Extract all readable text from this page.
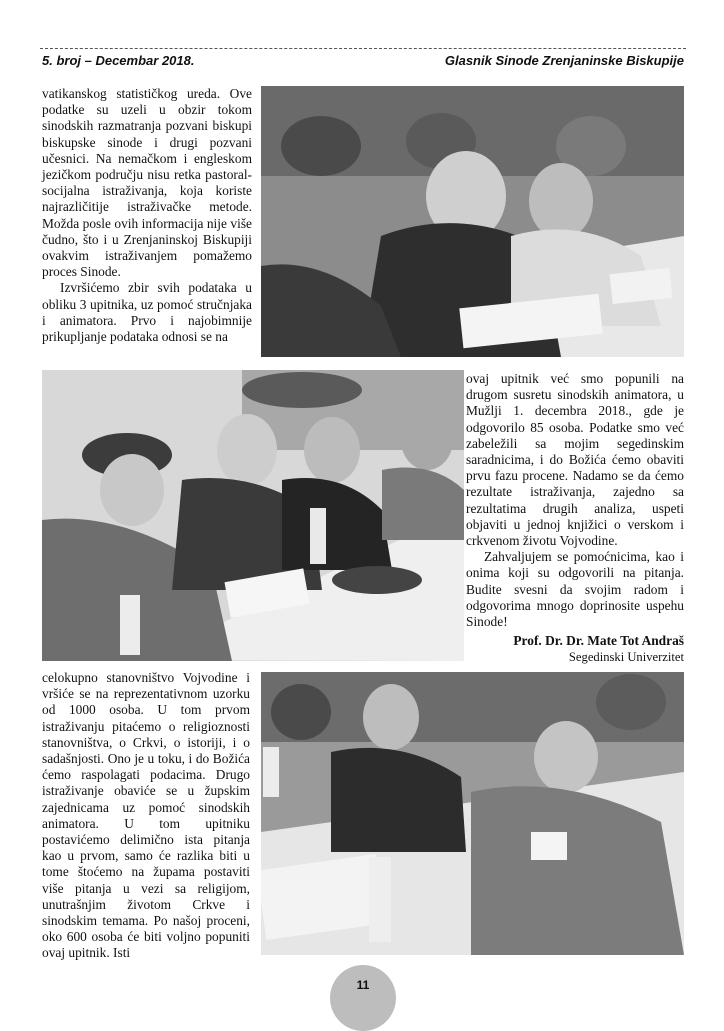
5. broj – Decembar 2018.	Glasnik Sinode Zrenjaninske Biskupije

vatikanskog statističkog ureda. Ove podatke su uzeli u obzir tokom sinodskih razmatranja pozvani biskupi biskupske sinode i drugi pozvani učesnici. Na nemačkom i engleskom jezičkom području nisu retka pastoral-socijalna istraživanja, koja koriste najrazličitije istraživačke metode. Možda posle ovih informacija nije više čudno, što i u Zrenjaninskoj Biskupiji ovakvim istraživanjem pomažemo proces Sinode.

Izvršićemo zbir svih podataka u obliku 3 upitnika, uz pomoć stručnjaka i animatora. Prvo i najobimnije prikupljanje podataka odnosi se na

ovaj upitnik već smo popunili na drugom susretu sinodskih animatora, u Mužlji 1. decembra 2018., gde je odgovorilo 85 osoba. Podatke smo već zabeležili sa mojim segedinskim saradnicima, i do Božića ćemo obaviti prvu fazu procene. Nadamo se da ćemo rezultate istraživanja, zajedno sa rezultatima drugih analiza, uspeti objaviti u jednoj knjižici o verskom i crkvenom životu Vojvodine.

Zahvaljujem se pomoćnicima, kao i onima koji su odgovorili na pitanja. Budite svesni da svojim radom i odgovorima mnogo doprinosite uspehu Sinode!

Prof. Dr. Dr. Mate Tot Andraš

Segedinski Univerzitet

celokupno stanovništvo Vojvodine i vršiće se na reprezentativnom uzorku od 1000 osoba. U tom prvom istraživanju pitaćemo o religioznosti stanovništva, o Crkvi, o istoriji, i o sadašnjosti. Ono je u toku, i do Božića ćemo raspolagati podacima. Drugo istraživanje obaviće se u župskim zajednicama uz pomoć sinodskih animatora. U tom upitniku postavićemo delimično ista pitanja kao u prvom, samo će razlika biti u tome štoćemo na župama postaviti više pitanja u vezi sa religijom, unutrašnjim životom Crkve i sinodskim temama. Po našoj proceni, oko 600 osoba će biti voljno popuniti ovaj upitnik. Isti

11
